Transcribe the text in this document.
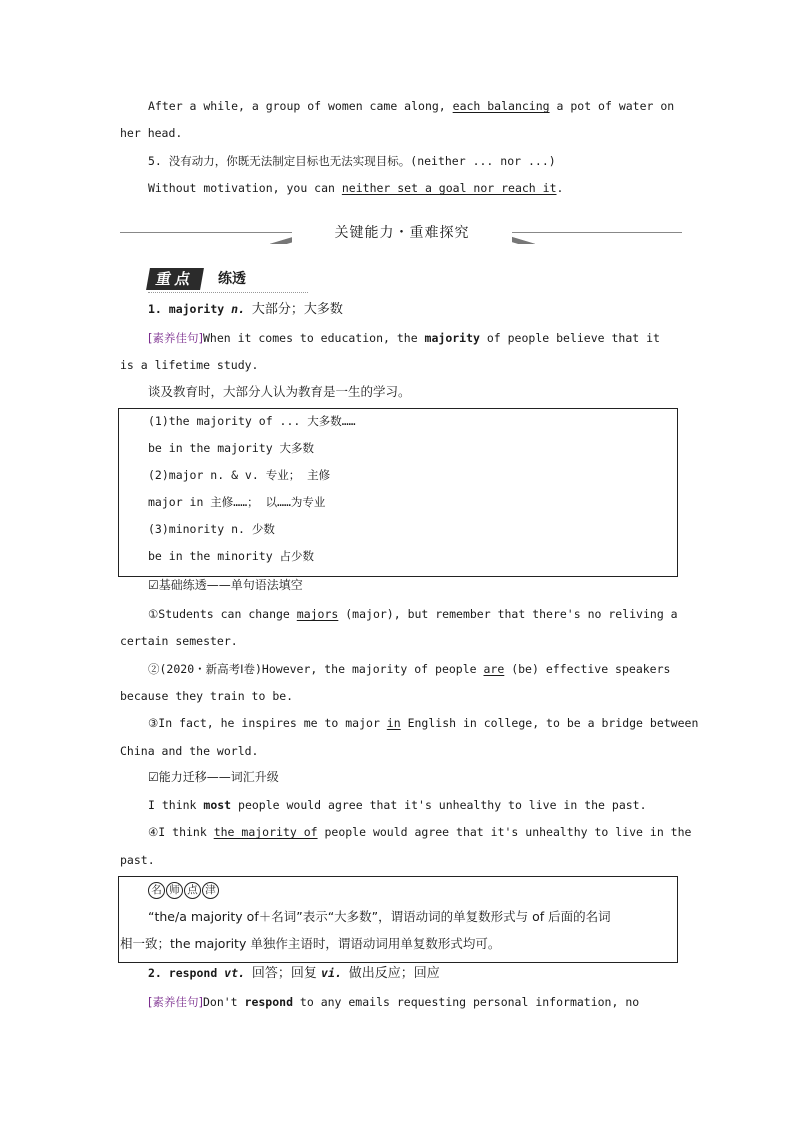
After a while, a group of women came along, each balancing a pot of water on
her head.
5. 没有动力，你既无法制定目标也无法实现目标。(neither ... nor ...)
Without motivation, you can neither set a goal nor reach it.
关键能力・重难探究
重点	练透
1. majority n. 大部分；大多数
[素养佳句]When it comes to education, the majority of people believe that it
is a lifetime study.
谈及教育时，大部分人认为教育是一生的学习。
(1)the majority of ... 大多数……
be in the majority 大多数
(2)major n. & v. 专业； 主修
major in 主修……； 以……为专业
(3)minority n. 少数
be in the minority 占少数
☑基础练透——单句语法填空
①Students can change majors (major), but remember that there's no reliving a
certain semester.
②(2020・新高考Ⅰ卷)However, the majority of people are (be) effective speakers
because they train to be.
③In fact, he inspires me to major in English in college, to be a bridge between
China and the world.
☑能力迁移——词汇升级
I think most people would agree that it's unhealthy to live in the past.
④I think the majority of people would agree that it's unhealthy to live in the
past.
名 师 点 津
“the/a majority of＋名词”表示“大多数”，谓语动词的单复数形式与 of 后面的名词
相一致；the majority 单独作主语时，谓语动词用单复数形式均可。
2. respond vt. 回答；回复 vi. 做出反应；回应
[素养佳句]Don't respond to any emails requesting personal information, no
